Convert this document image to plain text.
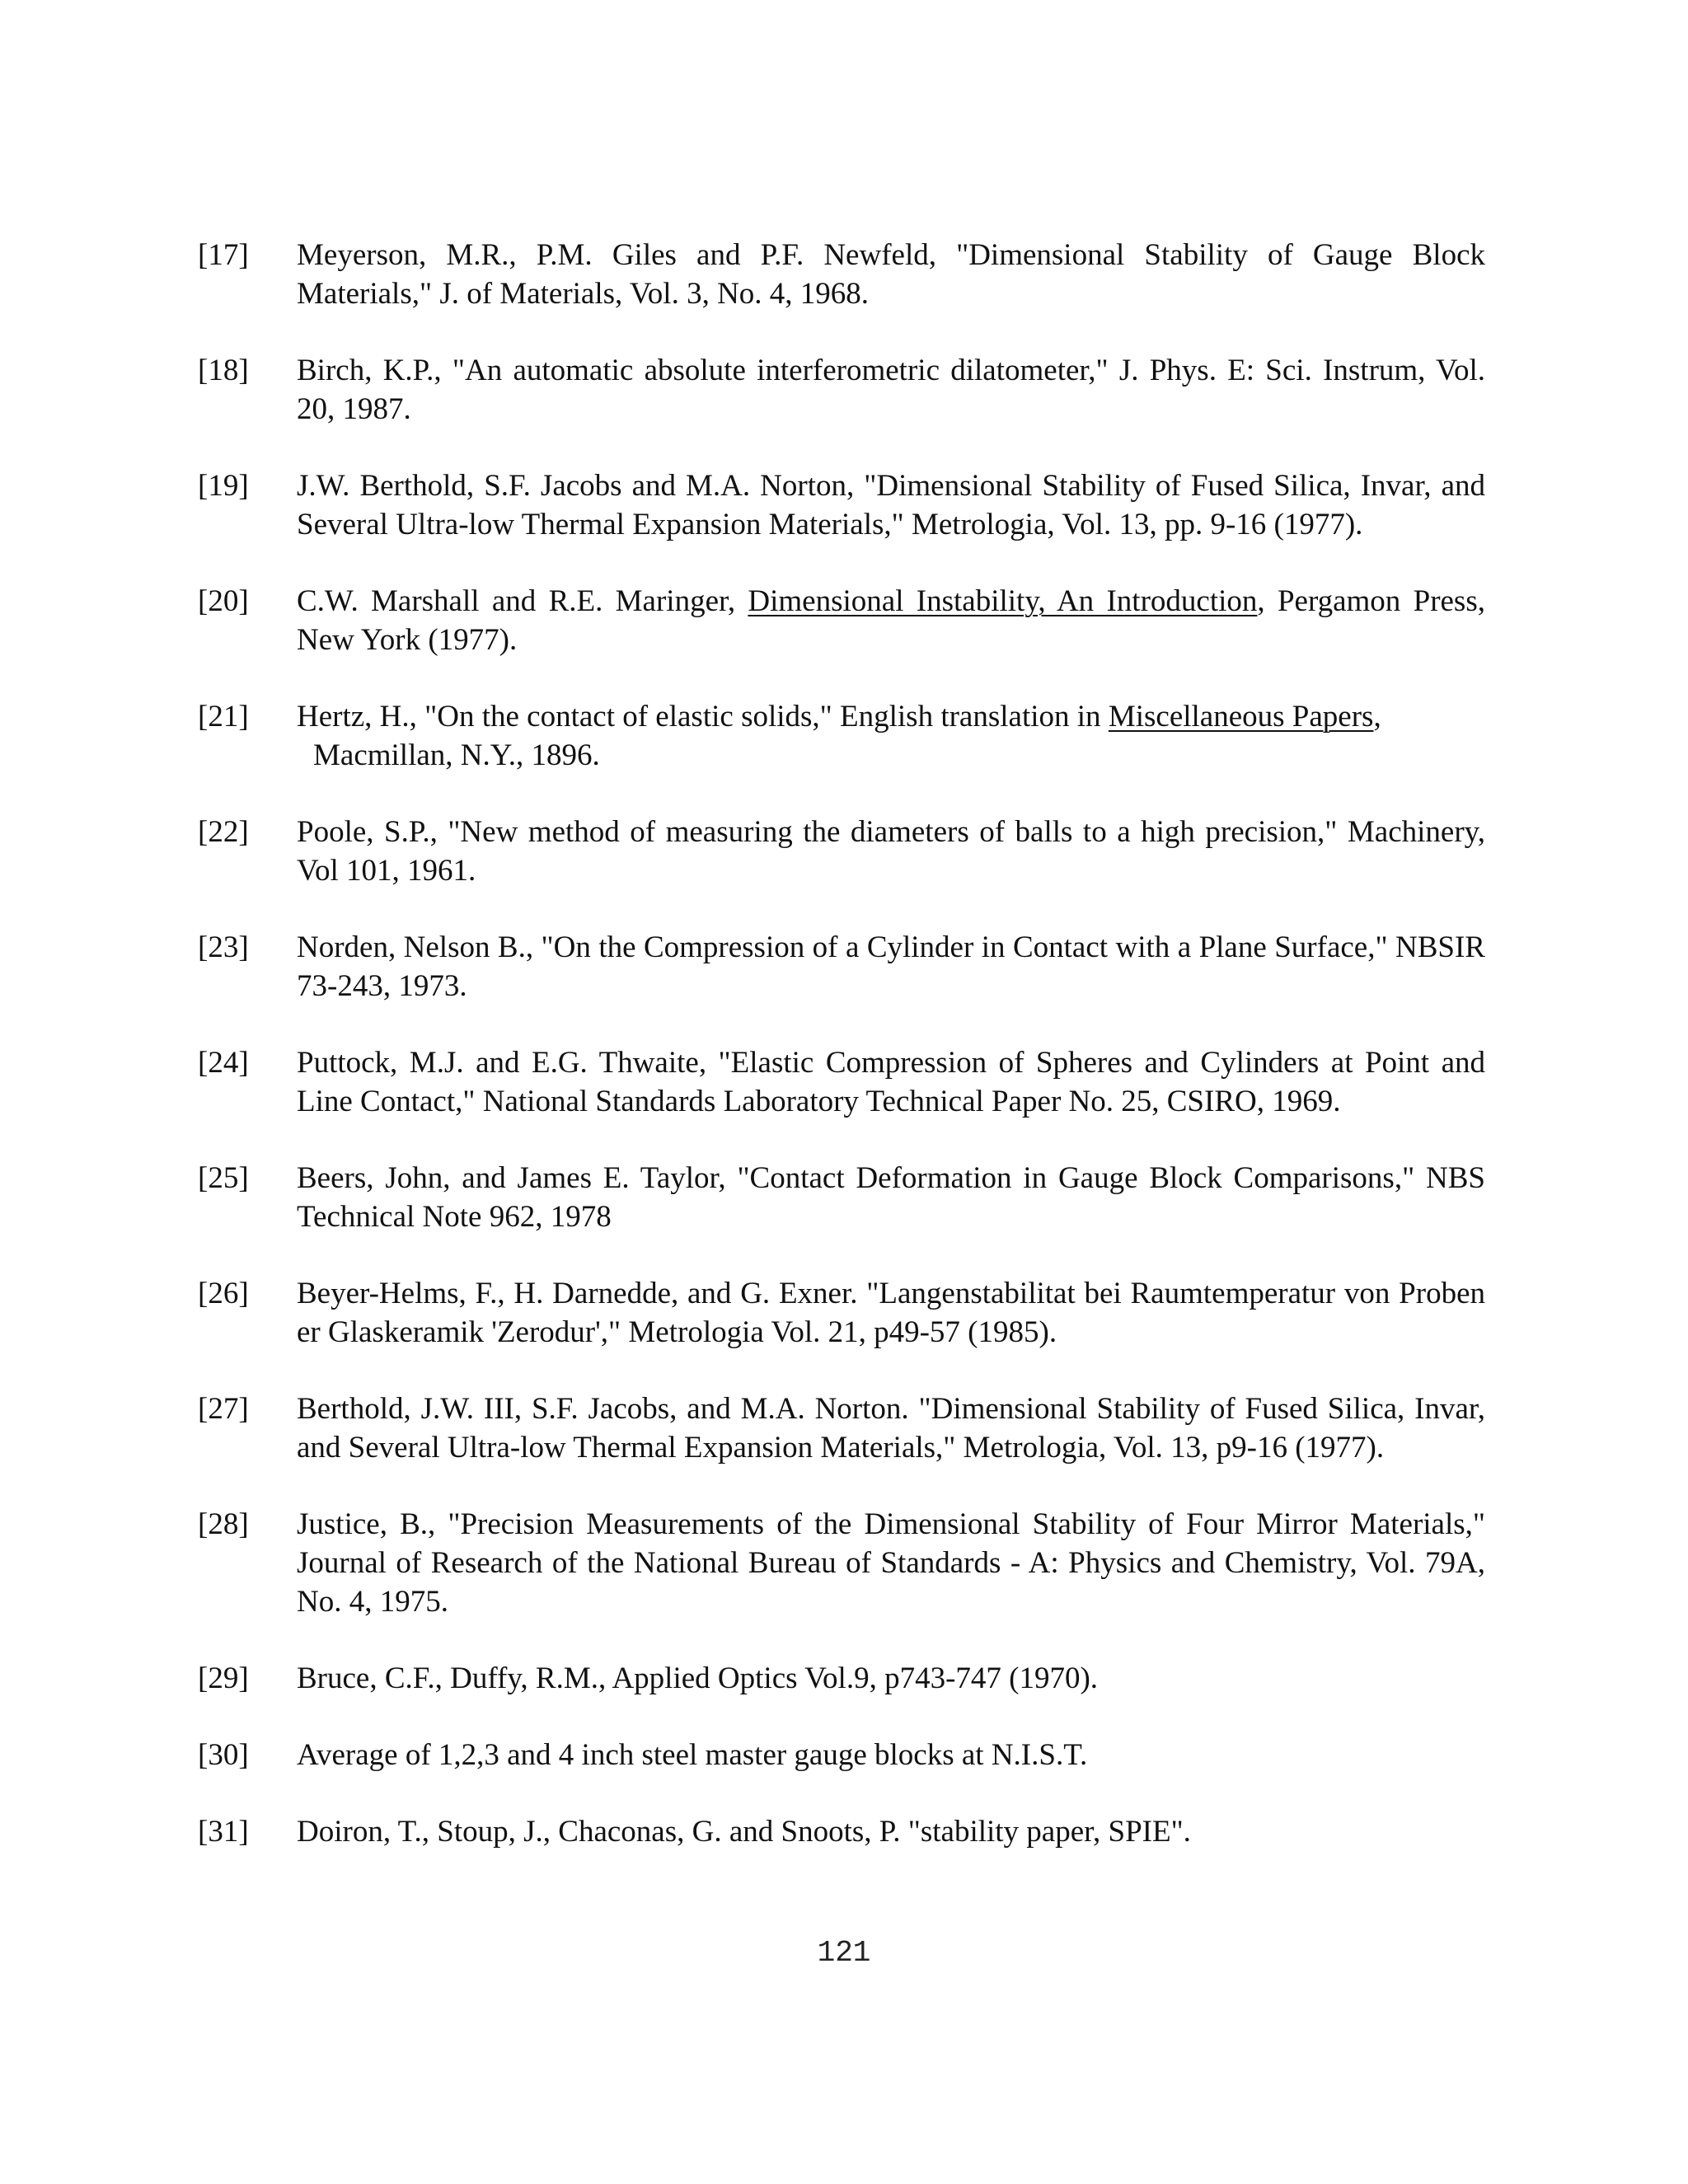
[17]	Meyerson, M.R., P.M. Giles and P.F. Newfeld, "Dimensional Stability of Gauge Block Materials," J. of Materials, Vol. 3, No. 4, 1968.
[18]	Birch, K.P., "An automatic absolute interferometric dilatometer," J. Phys. E: Sci. Instrum, Vol. 20, 1987.
[19]	J.W. Berthold, S.F. Jacobs and M.A. Norton, "Dimensional Stability of Fused Silica, Invar, and Several Ultra-low Thermal Expansion Materials," Metrologia, Vol. 13, pp. 9-16 (1977).
[20]	C.W. Marshall and R.E. Maringer, Dimensional Instability, An Introduction, Pergamon Press, New York (1977).
[21]	Hertz, H., "On the contact of elastic solids," English translation in Miscellaneous Papers,
Macmillan, N.Y., 1896.
[22]	Poole, S.P., "New method of measuring the diameters of balls to a high precision," Machinery, Vol 101, 1961.
[23]	Norden, Nelson B., "On the Compression of a Cylinder in Contact with a Plane Surface," NBSIR 73-243, 1973.
[24]	Puttock, M.J. and E.G. Thwaite, "Elastic Compression of Spheres and Cylinders at Point and Line Contact," National Standards Laboratory Technical Paper No. 25, CSIRO, 1969.
[25]	Beers, John, and James E. Taylor, "Contact Deformation in Gauge Block Comparisons," NBS Technical Note 962, 1978
[26]	Beyer-Helms, F., H. Darnedde, and G. Exner. "Langenstabilitat bei Raumtemperatur von Proben er Glaskeramik 'Zerodur'," Metrologia Vol. 21, p49-57 (1985).
[27]	Berthold, J.W. III, S.F. Jacobs, and M.A. Norton. "Dimensional Stability of Fused Silica, Invar, and Several Ultra-low Thermal Expansion Materials," Metrologia, Vol. 13, p9-16 (1977).
[28]	Justice, B., "Precision Measurements of the Dimensional Stability of Four Mirror Materials," Journal of Research of the National Bureau of Standards - A: Physics and Chemistry, Vol. 79A, No. 4, 1975.
[29]	Bruce, C.F., Duffy, R.M., Applied Optics Vol.9, p743-747 (1970).
[30]	Average of 1,2,3 and 4 inch steel master gauge blocks at N.I.S.T.
[31]	Doiron, T., Stoup, J., Chaconas, G. and Snoots, P. "stability paper, SPIE".
121
